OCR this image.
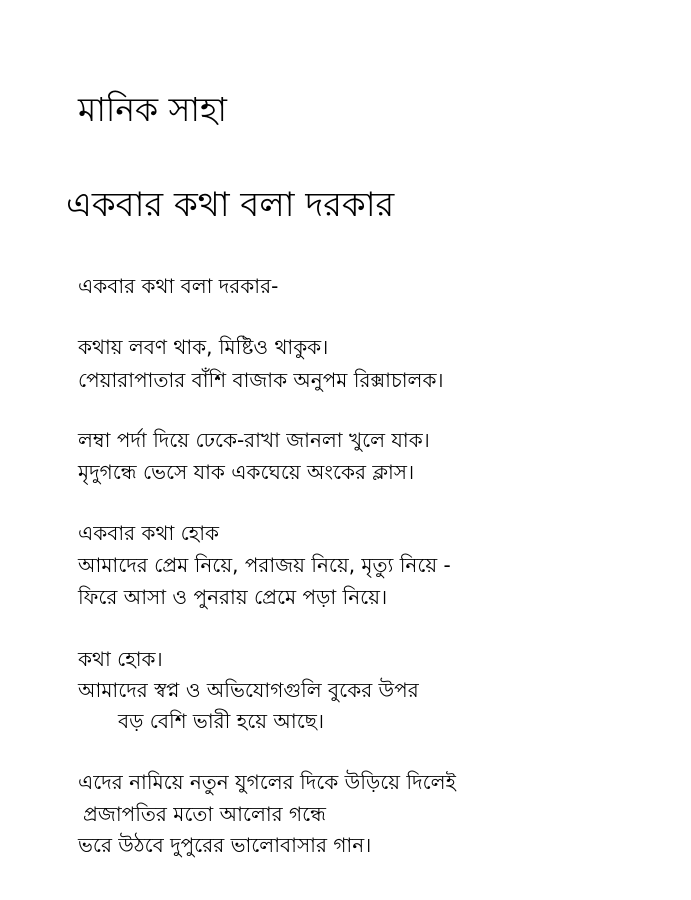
মানিক সাহা
একবার কথা বলা দরকার
একবার কথা বলা দরকার-
কথায় লবণ থাক, মিষ্টিও থাকুক।
পেয়ারাপাতার বাঁশি বাজাক অনুপম রিক্সাচালক।
লম্বা পর্দা দিয়ে ঢেকে-রাখা জানলা খুলে যাক।
মৃদুগন্ধে ভেসে যাক একঘেয়ে অংকের ক্লাস।
একবার কথা হোক
আমাদের প্রেম নিয়ে, পরাজয় নিয়ে, মৃত্যু নিয়ে -
ফিরে আসা ও পুনরায় প্রেমে পড়া নিয়ে।
কথা হোক।
আমাদের স্বপ্ন ও অভিযোগগুলি বুকের উপর
বড় বেশি ভারী হয়ে আছে।
এদের নামিয়ে নতুন যুগলের দিকে উড়িয়ে দিলেই
প্রজাপতির মতো আলোর গন্ধে
ভরে উঠবে দুপুরের ভালোবাসার গান।
